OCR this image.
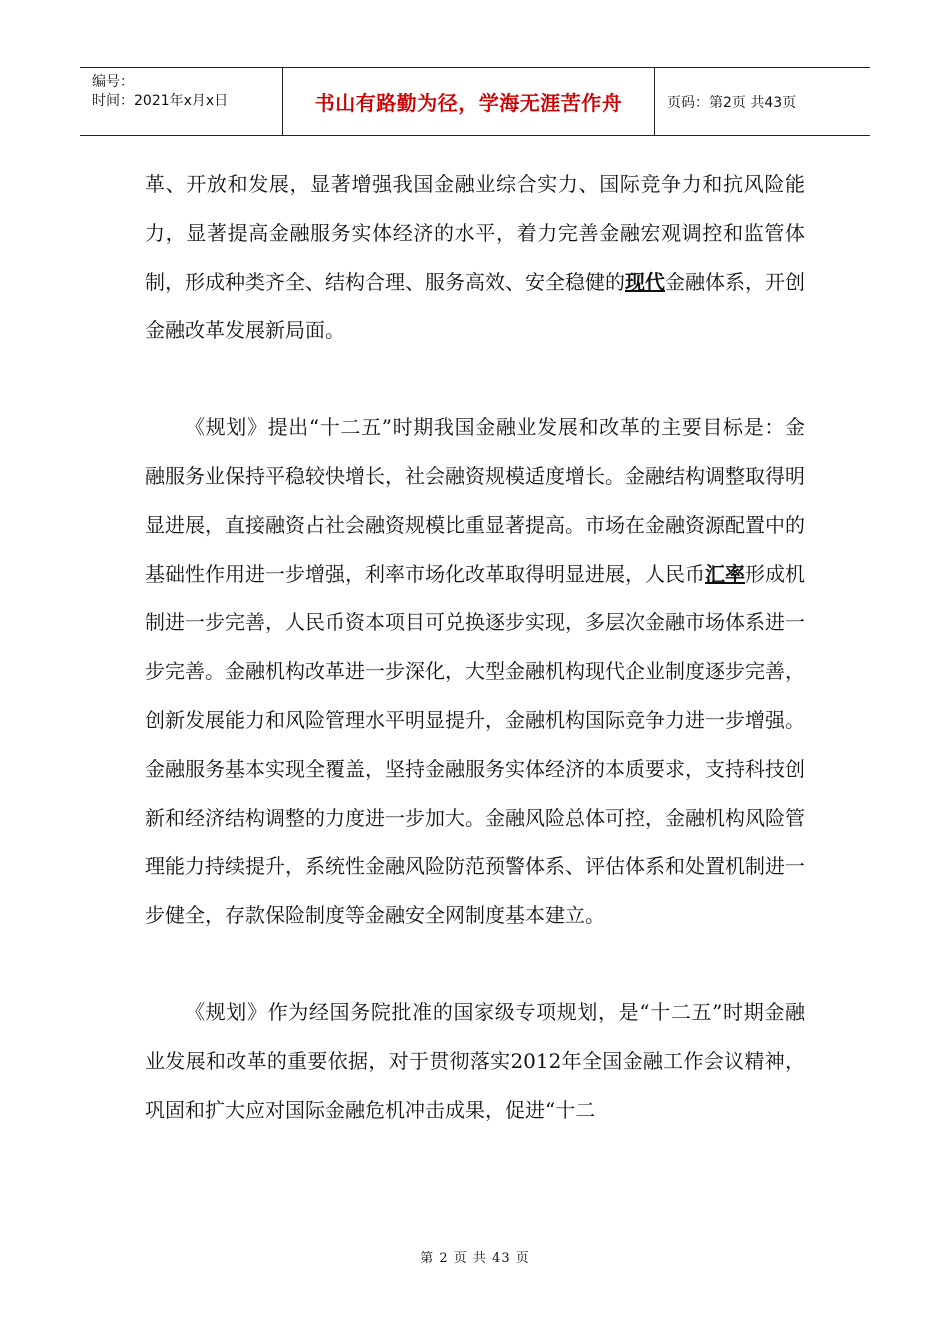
编号：
时间：2021年x月x日	书山有路勤为径，学海无涯苦作舟	页码：第2页 共43页

革、开放和发展，显著增强我国金融业综合实力、国际竞争力和抗风险能力，显著提高金融服务实体经济的水平，着力完善金融宏观调控和监管体制，形成种类齐全、结构合理、服务高效、安全稳健的现代金融体系，开创金融改革发展新局面。

《规划》提出“十二五”时期我国金融业发展和改革的主要目标是：金融服务业保持平稳较快增长，社会融资规模适度增长。金融结构调整取得明显进展，直接融资占社会融资规模比重显著提高。市场在金融资源配置中的基础性作用进一步增强，利率市场化改革取得明显进展，人民币汇率形成机制进一步完善，人民币资本项目可兑换逐步实现，多层次金融市场体系进一步完善。金融机构改革进一步深化，大型金融机构现代企业制度逐步完善，创新发展能力和风险管理水平明显提升，金融机构国际竞争力进一步增强。金融服务基本实现全覆盖，坚持金融服务实体经济的本质要求，支持科技创新和经济结构调整的力度进一步加大。金融风险总体可控，金融机构风险管理能力持续提升，系统性金融风险防范预警体系、评估体系和处置机制进一步健全，存款保险制度等金融安全网制度基本建立。

《规划》作为经国务院批准的国家级专项规划，是“十二五”时期金融业发展和改革的重要依据，对于贯彻落实2012年全国金融工作会议精神，巩固和扩大应对国际金融危机冲击成果，促进“十二

第 2 页 共 43 页
